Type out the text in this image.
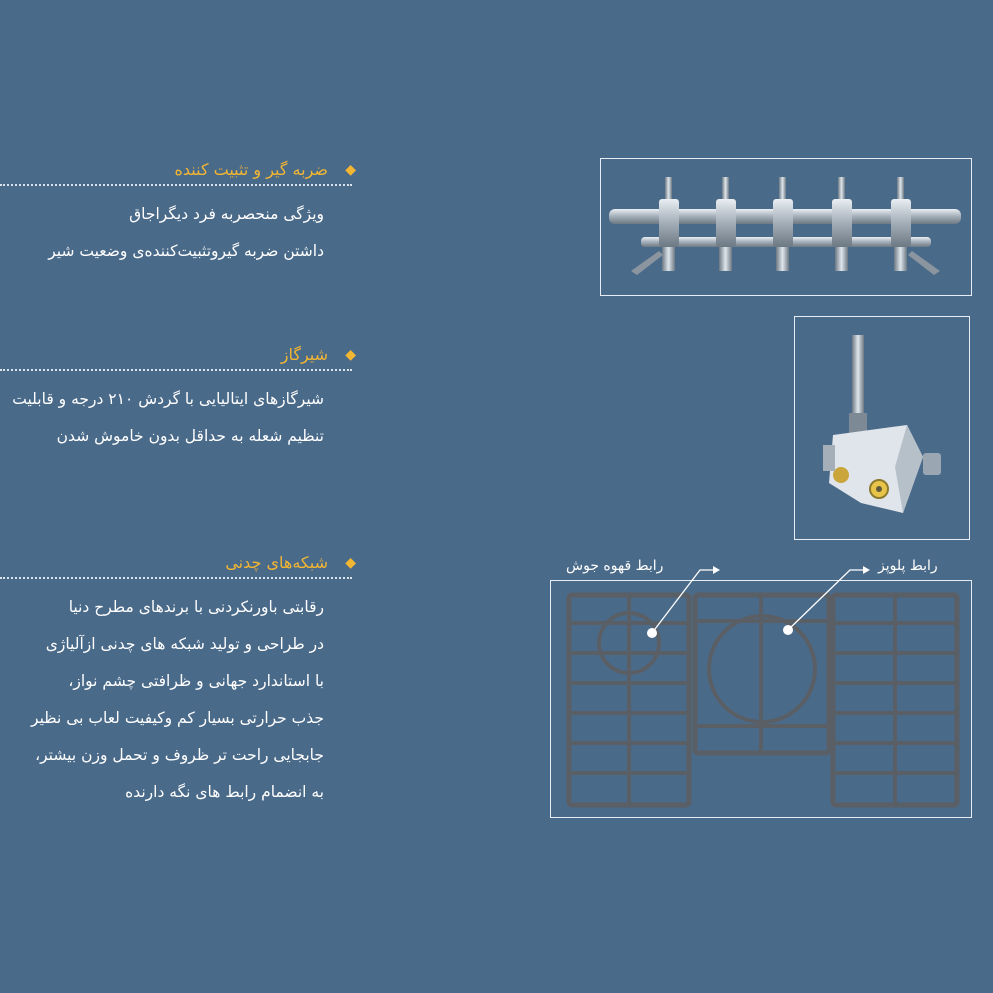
◆
ضربه گیر و تثبیت کننده
ویژگی منحصربه فرد دیگراجاق
داشتن ضربه گیروتثبیت‌کننده‌ی وضعیت شیر
◆
شیرگاز
شیرگازهای ایتالیایی با گردش ۲۱۰ درجه و قابلیت
تنظیم شعله به حداقل بدون خاموش شدن
◆
شبکه‌های چدنی
رقابتی باورنکردنی با برندهای مطرح دنیا
در طراحی و تولید شبکه های چدنی ازآلیاژی
با استاندارد جهانی و ظرافتی چشم نواز،
جذب حرارتی بسیار کم وکیفیت لعاب بی نظیر
جابجایی راحت تر ظروف و تحمل وزن بیشتر،
به انضمام رابط های نگه دارنده
رابط قهوه جوش	رابط پلوپز
